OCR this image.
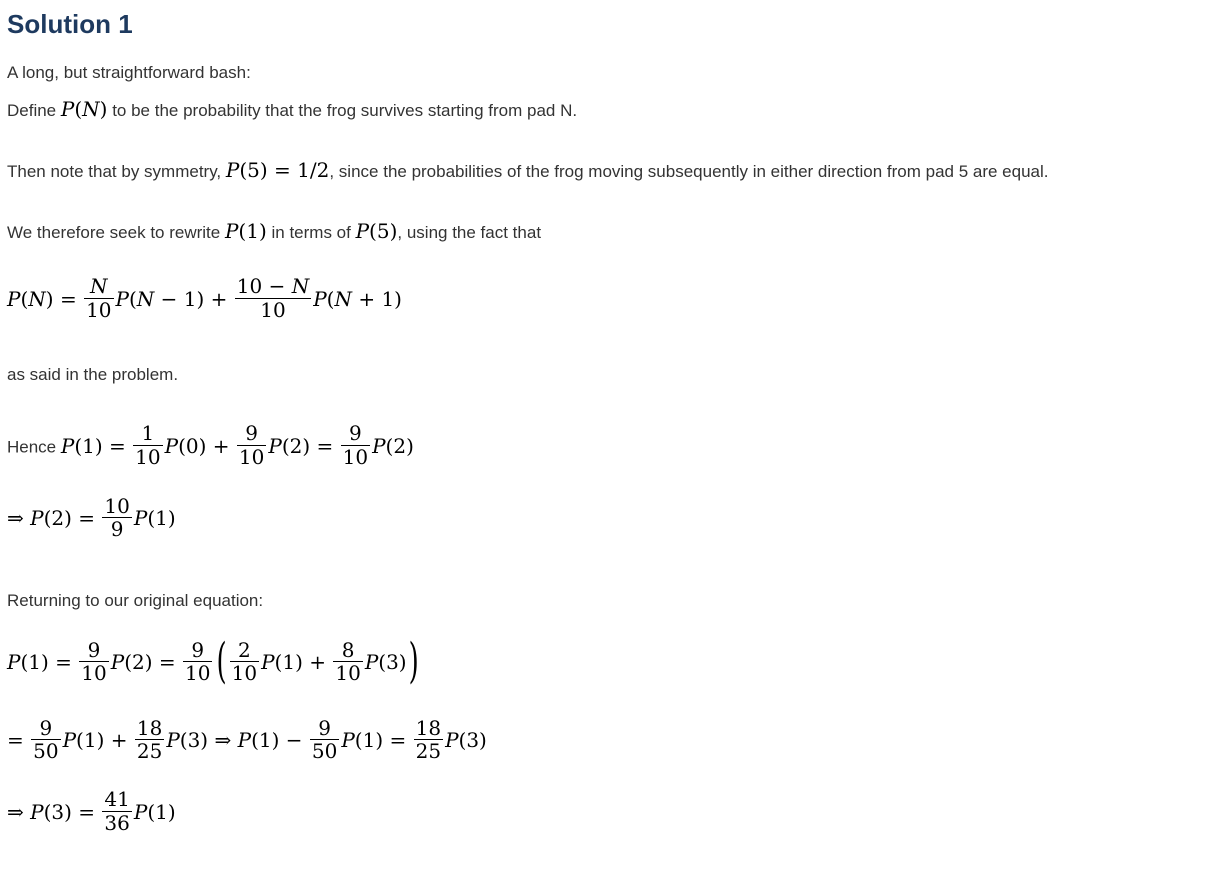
Solution 1

A long, but straightforward bash:

Define P(N) to be the probability that the frog survives starting from pad N.

Then note that by symmetry, P(5) = 1/2, since the probabilities of the frog moving subsequently in either direction from pad 5 are equal.

We therefore seek to rewrite P(1) in terms of P(5), using the fact that

$P(N) = \frac{N}{10} P(N - 1) + \frac{10 - N}{10} P(N + 1)$

as said in the problem.

Hence $P(1) = \frac{1}{10} P(0) + \frac{9}{10} P(2) = \frac{9}{10} P(2)$

⇒ $P(2) = \frac{10}{9} P(1)$

Returning to our original equation:

$P(1) = \frac{9}{10} P(2) = \frac{9}{10}$ ( $\frac{2}{10} P(1) + \frac{8}{10} P(3)$)
= $\frac{9}{50} P(1) + \frac{18}{25} P(3)$ ⇒ $P(1) - \frac{9}{50} P(1) = \frac{18}{25} P(3)$
⇒ $P(3) = \frac{41}{36} P(1)$
